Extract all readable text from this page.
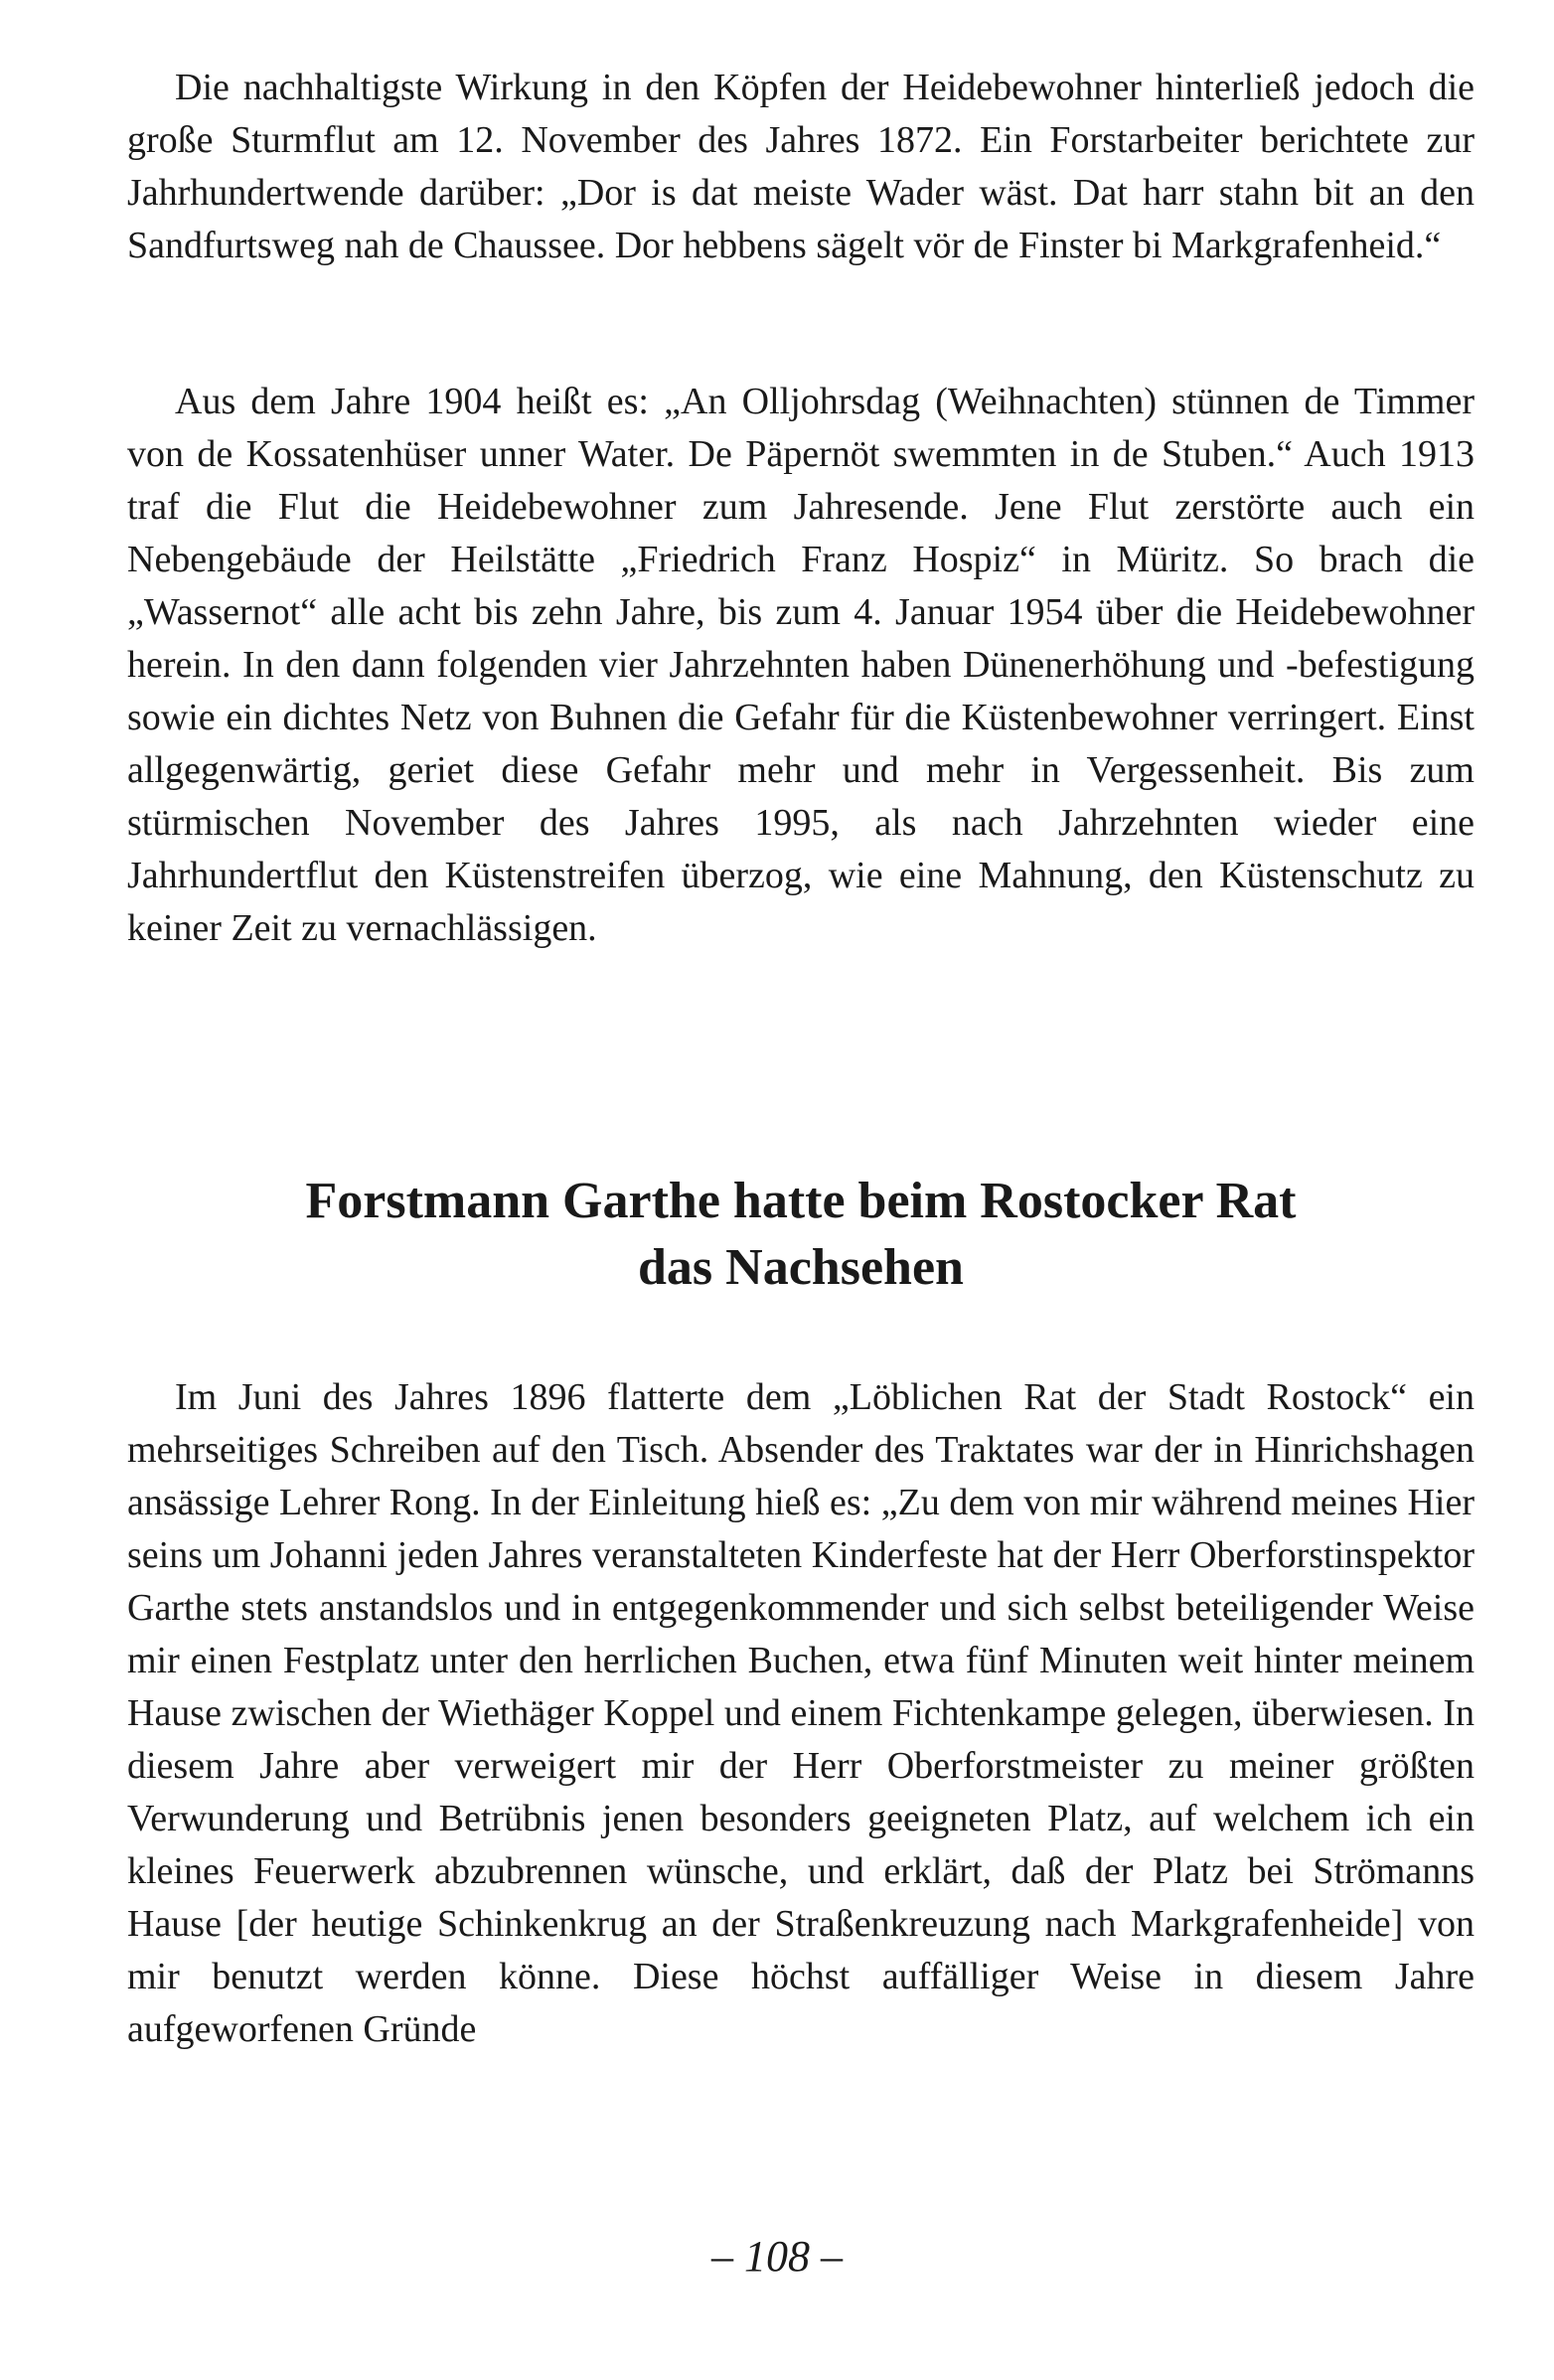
Die nachhaltigste Wirkung in den Köpfen der Heidebewohner hinterließ jedoch die große Sturmflut am 12. November des Jahres 1872. Ein Forstarbeiter berichtete zur Jahrhundertwende darüber: „Dor is dat meiste Wader wäst. Dat harr stahn bit an den Sandfurtsweg nah de Chaussee. Dor hebbens sägelt vör de Finster bi Markgrafenheid.“

Aus dem Jahre 1904 heißt es: „An Olljohrsdag (Weihnachten) stünnen de Timmer von de Kossatenhüser unner Water. De Päpernöt swemmten in de Stuben.“ Auch 1913 traf die Flut die Heidebewohner zum Jahresende. Jene Flut zerstörte auch ein Nebengebäude der Heilstätte „Friedrich Franz Hospiz“ in Müritz. So brach die „Wassernot“ alle acht bis zehn Jahre, bis zum 4. Januar 1954 über die Heidebewohner herein. In den dann folgenden vier Jahrzehnten haben Dünenerhöhung und -befestigung sowie ein dichtes Netz von Buhnen die Gefahr für die Küstenbewohner verringert. Einst allgegenwärtig, geriet diese Gefahr mehr und mehr in Vergessenheit. Bis zum stürmischen November des Jahres 1995, als nach Jahrzehnten wieder eine Jahrhundertflut den Küstenstreifen überzog, wie eine Mahnung, den Küstenschutz zu keiner Zeit zu vernachlässigen.

Forstmann Garthe hatte beim Rostocker Rat
das Nachsehen

Im Juni des Jahres 1896 flatterte dem „Löblichen Rat der Stadt Rostock“ ein mehrseitiges Schreiben auf den Tisch. Absender des Traktates war der in Hinrichshagen ansässige Lehrer Rong. In der Einleitung hieß es: „Zu dem von mir während meines Hier seins um Johanni jeden Jahres veranstalteten Kinderfeste hat der Herr Oberforstinspektor Garthe stets anstandslos und in entgegenkommender und sich selbst beteiligender Weise mir einen Festplatz unter den herrlichen Buchen, etwa fünf Minuten weit hinter meinem Hause zwischen der Wiethäger Koppel und einem Fichtenkampe gelegen, überwiesen. In diesem Jahre aber verweigert mir der Herr Oberforstmeister zu meiner größten Verwunderung und Betrübnis jenen besonders geeigneten Platz, auf welchem ich ein kleines Feuerwerk abzubrennen wünsche, und erklärt, daß der Platz bei Strömanns Hause [der heutige Schinkenkrug an der Straßenkreuzung nach Markgrafenheide] von mir benutzt werden könne. Diese höchst auffälliger Weise in diesem Jahre aufgeworfenen Gründe

– 108 –
